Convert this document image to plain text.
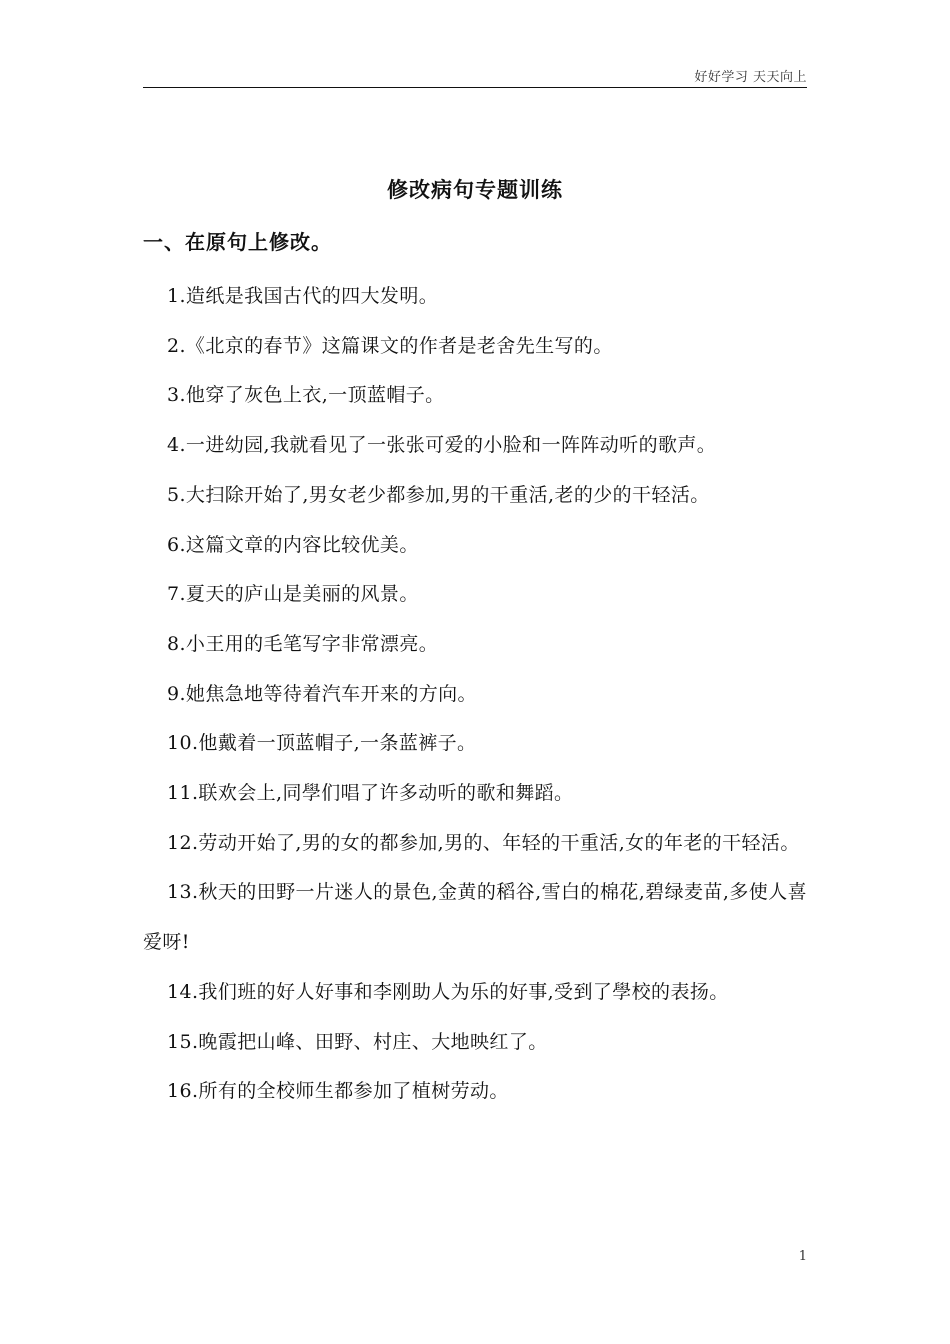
好好学习 天天向上
修改病句专题训练
一、在原句上修改。
1.造纸是我国古代的四大发明。
2.《北京的春节》这篇课文的作者是老舍先生写的。
3.他穿了灰色上衣,一顶蓝帽子。
4.一进幼园,我就看见了一张张可爱的小脸和一阵阵动听的歌声。
5.大扫除开始了,男女老少都参加,男的干重活,老的少的干轻活。
6.这篇文章的内容比较优美。
7.夏天的庐山是美丽的风景。
8.小王用的毛笔写字非常漂亮。
9.她焦急地等待着汽车开来的方向。
10.他戴着一顶蓝帽子,一条蓝裤子。
11.联欢会上,同學们唱了许多动听的歌和舞蹈。
12.劳动开始了,男的女的都参加,男的、年轻的干重活,女的年老的干轻活。
13.秋天的田野一片迷人的景色,金黄的稻谷,雪白的棉花,碧绿麦苗,多使人喜爱呀!
14.我们班的好人好事和李刚助人为乐的好事,受到了學校的表扬。
15.晚霞把山峰、田野、村庄、大地映红了。
16.所有的全校师生都参加了植树劳动。
1
